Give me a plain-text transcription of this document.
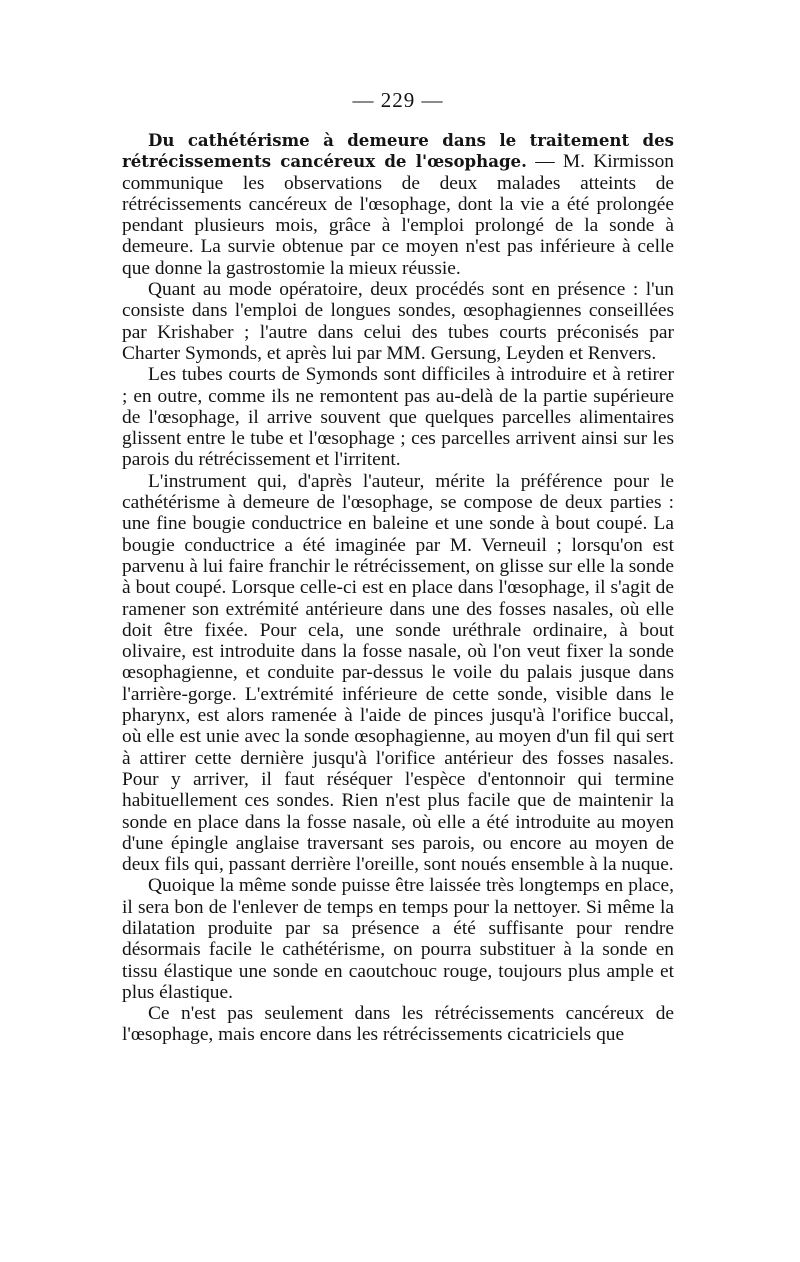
— 229 —

Du cathétérisme à demeure dans le traitement des rétrécissements cancéreux de l'œsophage. — M. Kirmisson communique les observations de deux malades atteints de rétrécissements cancéreux de l'œsophage, dont la vie a été prolongée pendant plusieurs mois, grâce à l'emploi prolongé de la sonde à demeure. La survie obtenue par ce moyen n'est pas inférieure à celle que donne la gastrostomie la mieux réussie.

Quant au mode opératoire, deux procédés sont en présence : l'un consiste dans l'emploi de longues sondes, œsophagiennes conseillées par Krishaber ; l'autre dans celui des tubes courts préconisés par Charter Symonds, et après lui par MM. Gersung, Leyden et Renvers.

Les tubes courts de Symonds sont difficiles à introduire et à retirer ; en outre, comme ils ne remontent pas au-delà de la partie supérieure de l'œsophage, il arrive souvent que quelques parcelles alimentaires glissent entre le tube et l'œsophage ; ces parcelles arrivent ainsi sur les parois du rétrécissement et l'irritent.

L'instrument qui, d'après l'auteur, mérite la préférence pour le cathétérisme à demeure de l'œsophage, se compose de deux parties : une fine bougie conductrice en baleine et une sonde à bout coupé. La bougie conductrice a été imaginée par M. Verneuil ; lorsqu'on est parvenu à lui faire franchir le rétrécissement, on glisse sur elle la sonde à bout coupé. Lorsque celle-ci est en place dans l'œsophage, il s'agit de ramener son extrémité antérieure dans une des fosses nasales, où elle doit être fixée. Pour cela, une sonde uréthrale ordinaire, à bout olivaire, est introduite dans la fosse nasale, où l'on veut fixer la sonde œsophagienne, et conduite par-dessus le voile du palais jusque dans l'arrière-gorge. L'extrémité inférieure de cette sonde, visible dans le pharynx, est alors ramenée à l'aide de pinces jusqu'à l'orifice buccal, où elle est unie avec la sonde œsophagienne, au moyen d'un fil qui sert à attirer cette dernière jusqu'à l'orifice antérieur des fosses nasales. Pour y arriver, il faut réséquer l'espèce d'entonnoir qui termine habituellement ces sondes. Rien n'est plus facile que de maintenir la sonde en place dans la fosse nasale, où elle a été introduite au moyen d'une épingle anglaise traversant ses parois, ou encore au moyen de deux fils qui, passant derrière l'oreille, sont noués ensemble à la nuque.

Quoique la même sonde puisse être laissée très longtemps en place, il sera bon de l'enlever de temps en temps pour la nettoyer. Si même la dilatation produite par sa présence a été suffisante pour rendre désormais facile le cathétérisme, on pourra substituer à la sonde en tissu élastique une sonde en caoutchouc rouge, toujours plus ample et plus élastique.

Ce n'est pas seulement dans les rétrécissements cancéreux de l'œsophage, mais encore dans les rétrécissements cicatriciels que
